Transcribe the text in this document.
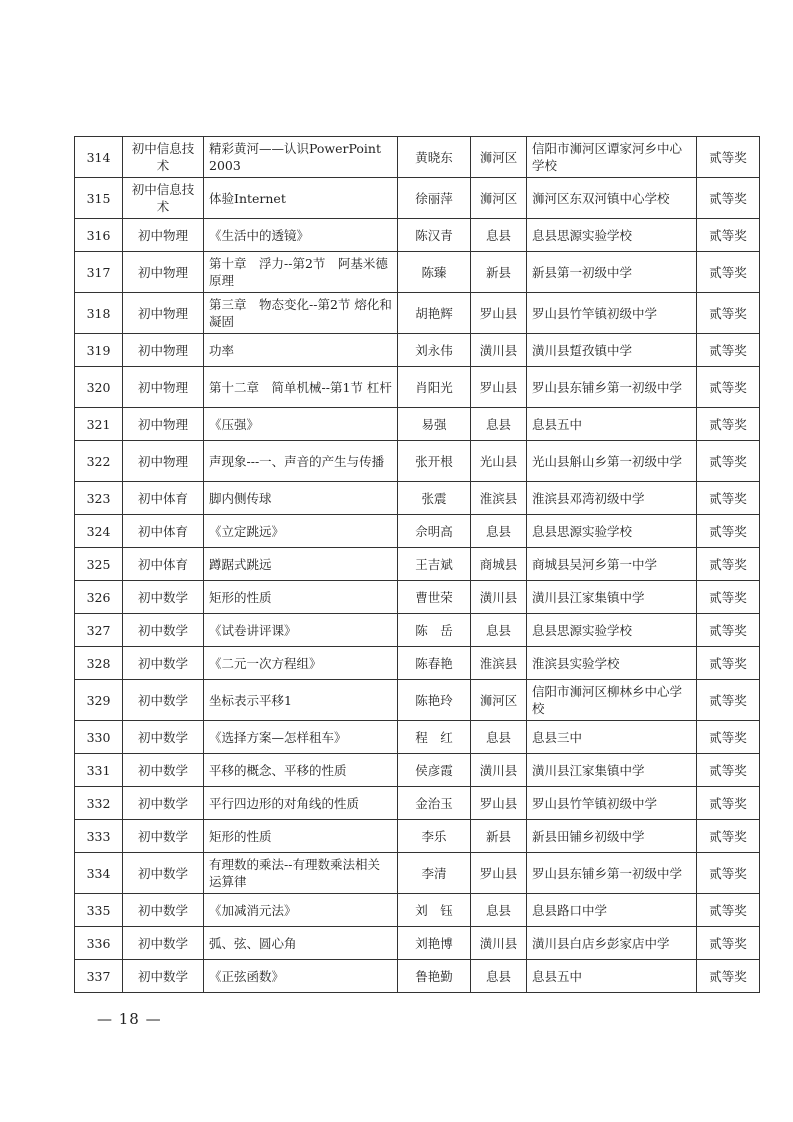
314	初中信息技术	精彩黄河——认识PowerPoint 2003	黄晓东	浉河区	信阳市浉河区谭家河乡中心学校	贰等奖
315	初中信息技术	体验Internet	徐丽萍	浉河区	浉河区东双河镇中心学校	贰等奖
316	初中物理	《生活中的透镜》	陈汉青	息县	息县思源实验学校	贰等奖
317	初中物理	第十章　浮力--第2节　阿基米德原理	陈臻	新县	新县第一初级中学	贰等奖
318	初中物理	第三章　物态变化--第2节 熔化和凝固	胡艳辉	罗山县	罗山县竹竿镇初级中学	贰等奖
319	初中物理	功率	刘永伟	潢川县	潢川县踅孜镇中学	贰等奖
320	初中物理	第十二章　简单机械--第1节 杠杆	肖阳光	罗山县	罗山县东铺乡第一初级中学	贰等奖
321	初中物理	《压强》	易强	息县	息县五中	贰等奖
322	初中物理	声现象---一、声音的产生与传播	张开根	光山县	光山县斛山乡第一初级中学	贰等奖
323	初中体育	脚内侧传球	张震	淮滨县	淮滨县邓湾初级中学	贰等奖
324	初中体育	《立定跳远》	佘明高	息县	息县思源实验学校	贰等奖
325	初中体育	蹲踞式跳远	王吉斌	商城县	商城县吴河乡第一中学	贰等奖
326	初中数学	矩形的性质	曹世荣	潢川县	潢川县江家集镇中学	贰等奖
327	初中数学	《试卷讲评课》	陈　岳	息县	息县思源实验学校	贰等奖
328	初中数学	《二元一次方程组》	陈春艳	淮滨县	淮滨县实验学校	贰等奖
329	初中数学	坐标表示平移1	陈艳玲	浉河区	信阳市浉河区柳林乡中心学校	贰等奖
330	初中数学	《选择方案—怎样租车》	程　红	息县	息县三中	贰等奖
331	初中数学	平移的概念、平移的性质	侯彦霞	潢川县	潢川县江家集镇中学	贰等奖
332	初中数学	平行四边形的对角线的性质	金治玉	罗山县	罗山县竹竿镇初级中学	贰等奖
333	初中数学	矩形的性质	李乐	新县	新县田铺乡初级中学	贰等奖
334	初中数学	有理数的乘法--有理数乘法相关运算律	李清	罗山县	罗山县东铺乡第一初级中学	贰等奖
335	初中数学	《加减消元法》	刘　钰	息县	息县路口中学	贰等奖
336	初中数学	弧、弦、圆心角	刘艳博	潢川县	潢川县白店乡彭家店中学	贰等奖
337	初中数学	《正弦函数》	鲁艳勤	息县	息县五中	贰等奖
— 18 —
